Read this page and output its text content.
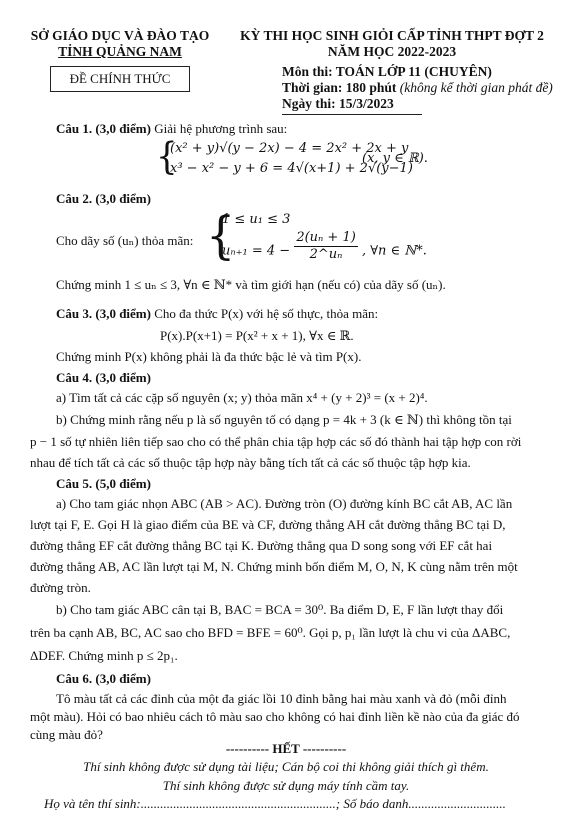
SỞ GIÁO DỤC VÀ ĐÀO TẠO
TỈNH QUẢNG NAM
ĐỀ CHÍNH THỨC
KỲ THI HỌC SINH GIỎI CẤP TỈNH THPT ĐỢT 2
NĂM HỌC 2022-2023
Môn thi: TOÁN LỚP 11 (CHUYÊN)
Thời gian: 180 phút (không kể thời gian phát đề)
Ngày thi: 15/3/2023
Câu 1. (3,0 điểm) Giải hệ phương trình sau:
{
(x² + y)√(y − 2x) − 4 = 2x² + 2x + y
x³ − x² − y + 6 = 4√(x+1) + 2√(y−1)
(x, y ∈ ℝ).
Câu 2. (3,0 điểm)
Cho dãy số (uₙ) thỏa mãn: {
1 ≤ u₁ ≤ 3
$u_{n+1} = 4 - \frac{\text{2(uₙ + 1)}}{\text{2\textasciicircum{}uₙ}}$ , ∀n ∈ ℕ*.
Chứng minh 1 ≤ uₙ ≤ 3, ∀n ∈ ℕ* và tìm giới hạn (nếu có) của dãy số (uₙ).
Câu 3. (3,0 điểm) Cho đa thức P(x) với hệ số thực, thỏa mãn:
P(x).P(x+1) = P(x² + x + 1), ∀x ∈ ℝ.
Chứng minh P(x) không phải là đa thức bậc lẻ và tìm P(x).
Câu 4. (3,0 điểm)
a) Tìm tất cả các cặp số nguyên (x; y) thỏa mãn x⁴ + (y + 2)³ = (x + 2)⁴.
b) Chứng minh rằng nếu p là số nguyên tố có dạng p = 4k + 3 (k ∈ ℕ) thì không tồn tại
p − 1 số tự nhiên liên tiếp sao cho có thể phân chia tập hợp các số đó thành hai tập hợp con rời
nhau để tích tất cả các số thuộc tập hợp này bằng tích tất cả các số thuộc tập hợp kia.
Câu 5. (5,0 điểm)
a) Cho tam giác nhọn ABC (AB > AC). Đường tròn (O) đường kính BC cắt AB, AC lần
lượt tại F, E. Gọi H là giao điểm của BE và CF, đường thẳng AH cắt đường thẳng BC tại D,
đường thẳng EF cắt đường thẳng BC tại K. Đường thẳng qua D song song với EF cắt hai
đường thẳng AB, AC lần lượt tại M, N. Chứng minh bốn điểm M, O, N, K cùng nằm trên một
đường tròn.
b) Cho tam giác ABC cân tại B, BAC = BCA = 30⁰. Ba điểm D, E, F lần lượt thay đổi
trên ba cạnh AB, BC, AC sao cho BFD = BFE = 60⁰. Gọi p, p₁ lần lượt là chu vi của ΔABC,
ΔDEF. Chứng minh p ≤ 2p₁.
Câu 6. (3,0 điểm)
Tô màu tất cả các đỉnh của một đa giác lồi 10 đỉnh bằng hai màu xanh và đỏ (mỗi đỉnh
một màu). Hỏi có bao nhiêu cách tô màu sao cho không có hai đỉnh liền kề nào của đa giác đó
cùng màu đỏ?
---------- HẾT ----------
Thí sinh không được sử dụng tài liệu; Cán bộ coi thi không giải thích gì thêm.
Thí sinh không được sử dụng máy tính cầm tay.
Họ và tên thí sinh:............................................................; Số báo danh..............................
